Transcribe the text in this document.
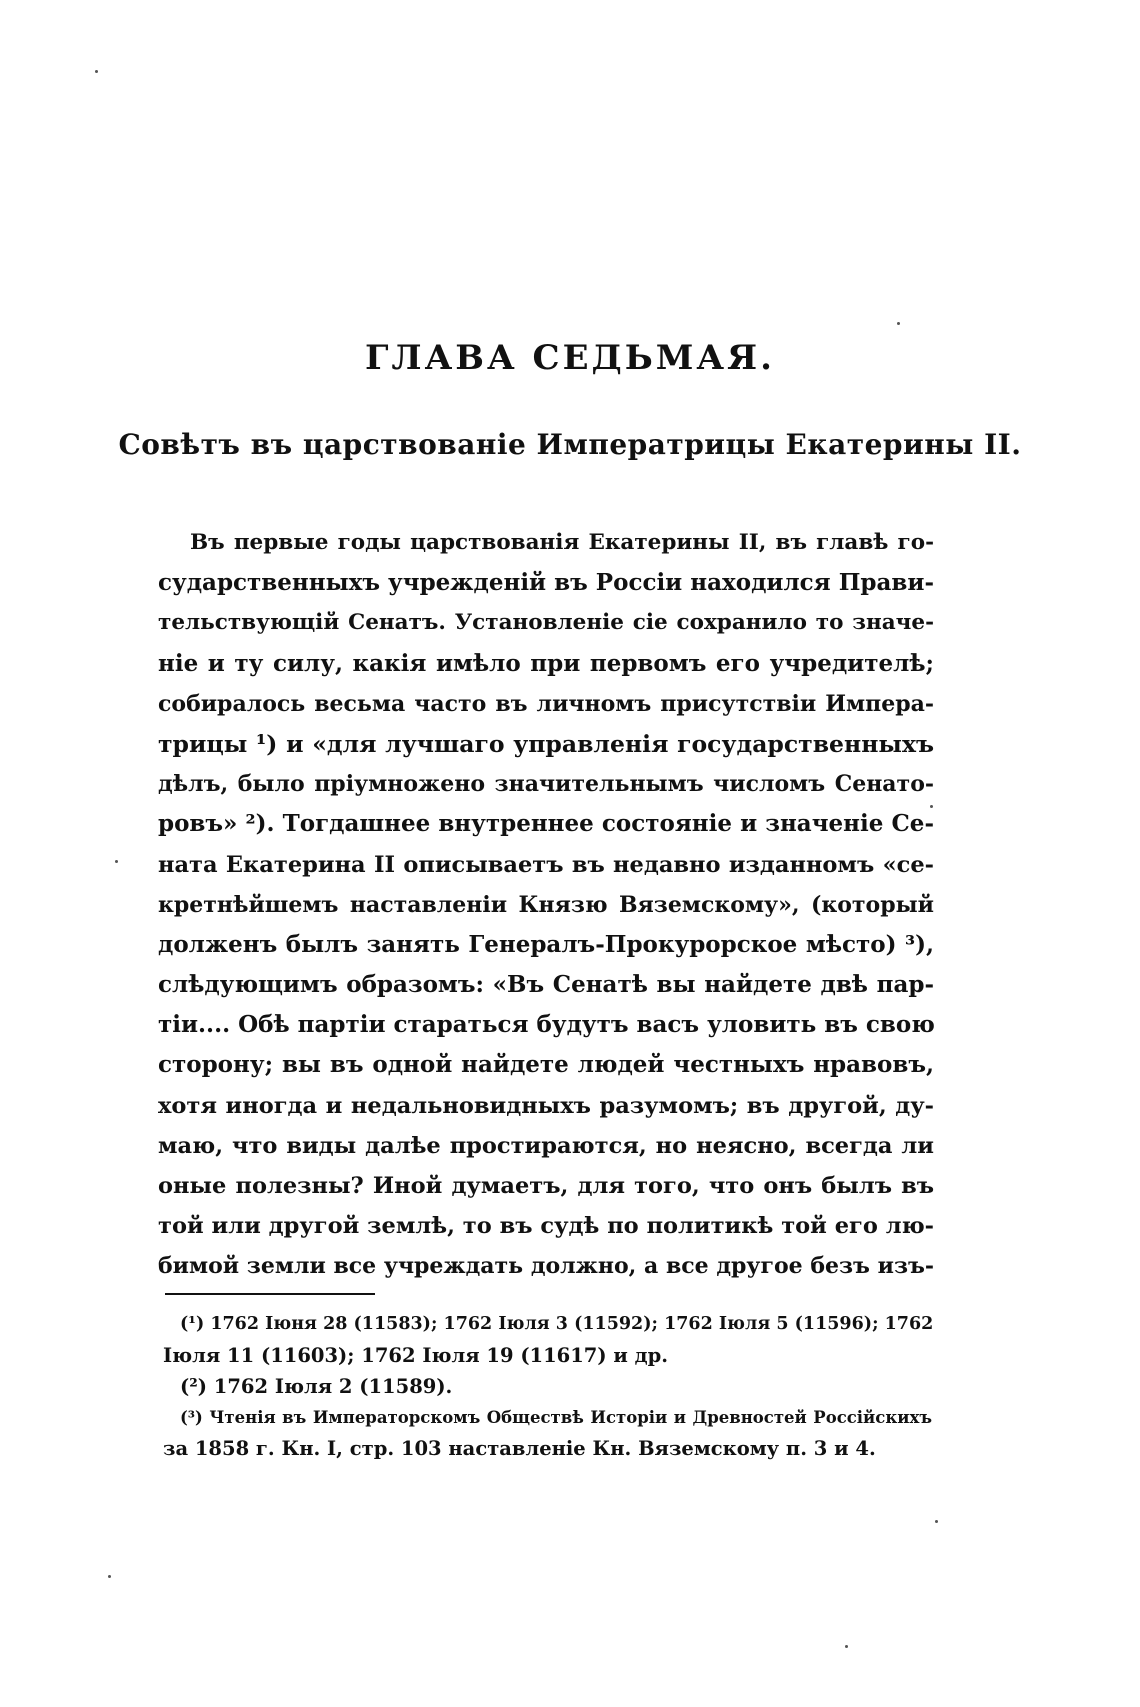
ГЛАВА СЕДЬМАЯ.
Совѣтъ въ царствованіе Императрицы Екатерины II.
Въ первые годы царствованія Екатерины II, въ главѣ го-
сударственныхъ учрежденій въ Россіи находился Прави-
тельствующій Сенатъ. Установленіе сіе сохранило то значе-
ніе и ту силу, какія имѣло при первомъ его учредителѣ;
собиралось весьма часто въ личномъ присутствіи Импера-
трицы ¹) и «для лучшаго управленія государственныхъ
дѣлъ, было пріумножено значительнымъ числомъ Сенато-
ровъ» ²). Тогдашнее внутреннее состояніе и значеніе Се-
ната Екатерина II описываетъ въ недавно изданномъ «се-
кретнѣйшемъ наставленіи Князю Вяземскому», (который
долженъ былъ занять Генералъ-Прокурорское мѣсто) ³),
слѣдующимъ образомъ: «Въ Сенатѣ вы найдете двѣ пар-
тіи.... Обѣ партіи стараться будутъ васъ уловить въ свою
сторону; вы въ одной найдете людей честныхъ нравовъ,
хотя иногда и недальновидныхъ разумомъ; въ другой, ду-
маю, что виды далѣе простираются, но неясно, всегда ли
оные полезны? Иной думаетъ, для того, что онъ былъ въ
той или другой землѣ, то въ судѣ по политикѣ той его лю-
бимой земли все учреждать должно, а все другое безъ изъ-
(¹) 1762 Іюня 28 (11583); 1762 Іюля 3 (11592); 1762 Іюля 5 (11596); 1762
Іюля 11 (11603); 1762 Іюля 19 (11617) и др.
(²) 1762 Іюля 2 (11589).
(³) Чтенія въ Императорскомъ Обществѣ Исторіи и Древностей Россійскихъ
за 1858 г. Кн. I, стр. 103 наставленіе Кн. Вяземскому п. 3 и 4.
